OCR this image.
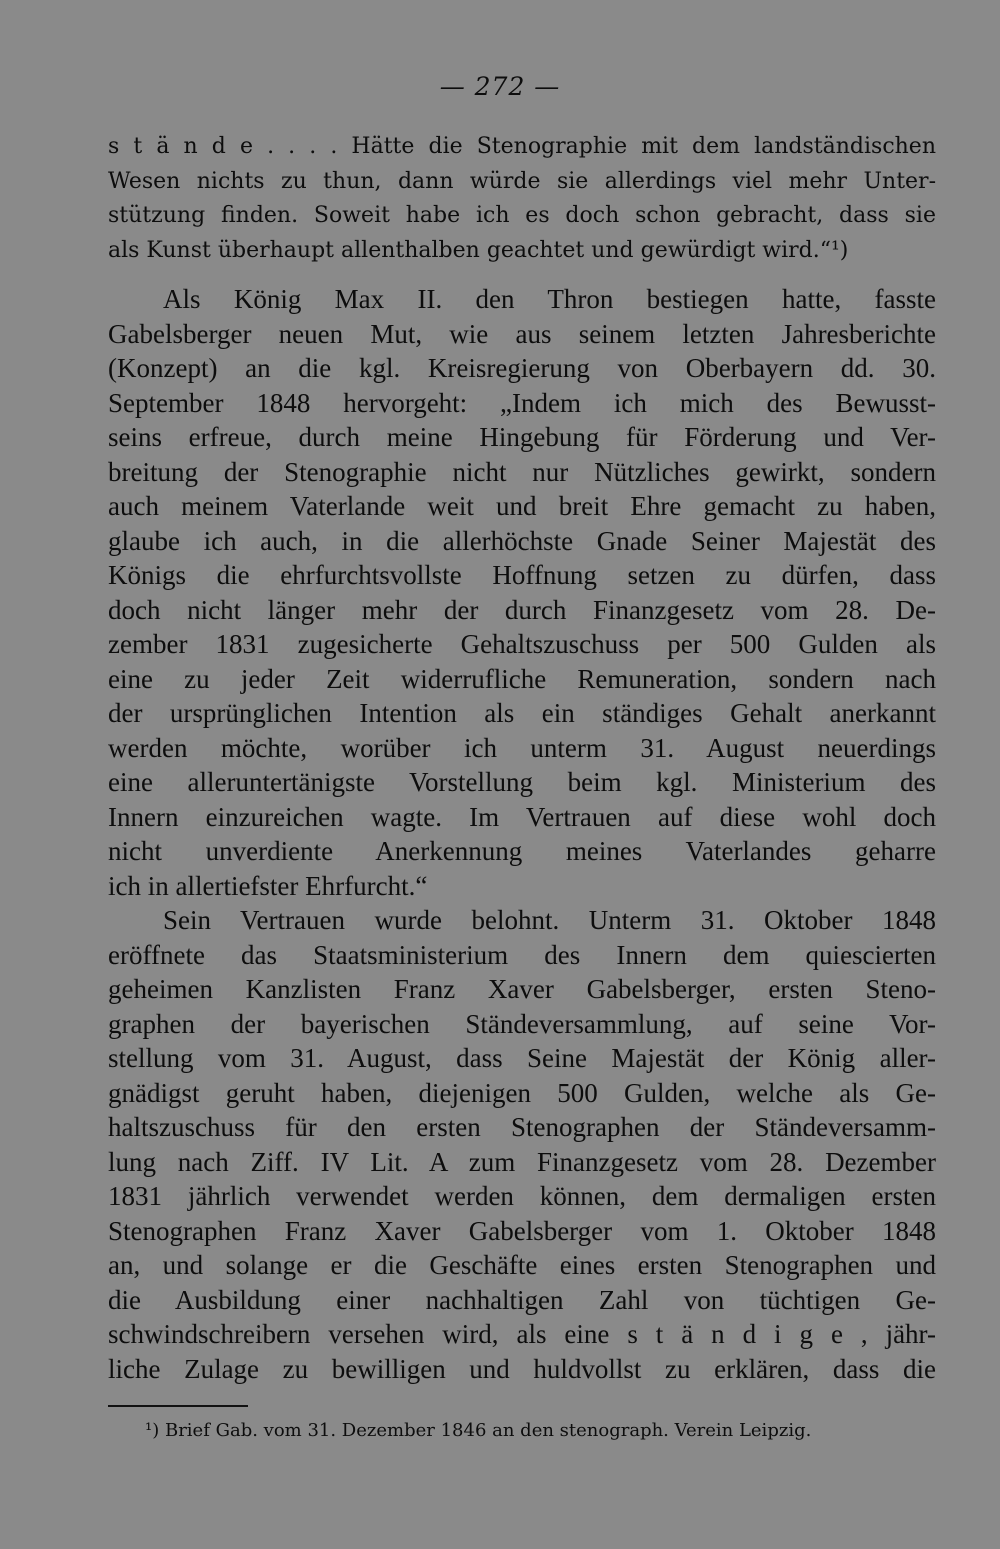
— 272 —
s t ä n d e . . . . Hätte die Stenographie mit dem landständischen
Wesen nichts zu thun, dann würde sie allerdings viel mehr Unter-
stützung finden. Soweit habe ich es doch schon gebracht, dass sie
als Kunst überhaupt allenthalben geachtet und gewürdigt wird.“¹)
Als König Max II. den Thron bestiegen hatte, fasste
Gabelsberger neuen Mut, wie aus seinem letzten Jahresberichte
(Konzept) an die kgl. Kreisregierung von Oberbayern dd. 30.
September 1848 hervorgeht: „Indem ich mich des Bewusst-
seins erfreue, durch meine Hingebung für Förderung und Ver-
breitung der Stenographie nicht nur Nützliches gewirkt, sondern
auch meinem Vaterlande weit und breit Ehre gemacht zu haben,
glaube ich auch, in die allerhöchste Gnade Seiner Majestät des
Königs die ehrfurchtsvollste Hoffnung setzen zu dürfen, dass
doch nicht länger mehr der durch Finanzgesetz vom 28. De-
zember 1831 zugesicherte Gehaltszuschuss per 500 Gulden als
eine zu jeder Zeit widerrufliche Remuneration, sondern nach
der ursprünglichen Intention als ein ständiges Gehalt anerkannt
werden möchte, worüber ich unterm 31. August neuerdings
eine alleruntertänigste Vorstellung beim kgl. Ministerium des
Innern einzureichen wagte. Im Vertrauen auf diese wohl doch
nicht unverdiente Anerkennung meines Vaterlandes geharre
ich in allertiefster Ehrfurcht.“
Sein Vertrauen wurde belohnt. Unterm 31. Oktober 1848
eröffnete das Staatsministerium des Innern dem quiescierten
geheimen Kanzlisten Franz Xaver Gabelsberger, ersten Steno-
graphen der bayerischen Ständeversammlung, auf seine Vor-
stellung vom 31. August, dass Seine Majestät der König aller-
gnädigst geruht haben, diejenigen 500 Gulden, welche als Ge-
haltszuschuss für den ersten Stenographen der Ständeversamm-
lung nach Ziff. IV Lit. A zum Finanzgesetz vom 28. Dezember
1831 jährlich verwendet werden können, dem dermaligen ersten
Stenographen Franz Xaver Gabelsberger vom 1. Oktober 1848
an, und solange er die Geschäfte eines ersten Stenographen und
die Ausbildung einer nachhaltigen Zahl von tüchtigen Ge-
schwindschreibern versehen wird, als eine s t ä n d i g e , jähr-
liche Zulage zu bewilligen und huldvollst zu erklären, dass die
¹) Brief Gab. vom 31. Dezember 1846 an den stenograph. Verein Leipzig.
